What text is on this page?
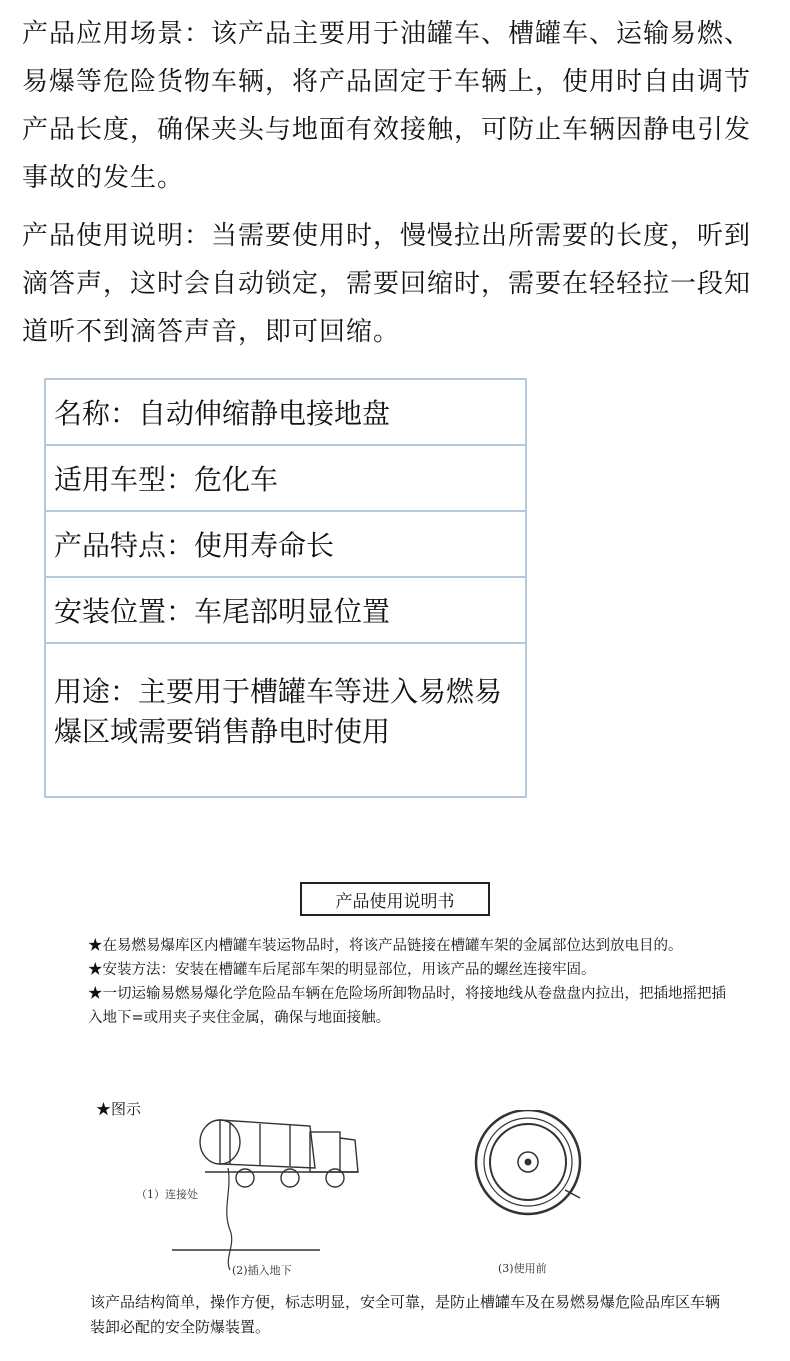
产品应用场景：该产品主要用于油罐车、槽罐车、运输易燃、易爆等危险货物车辆，将产品固定于车辆上，使用时自由调节产品长度，确保夹头与地面有效接触，可防止车辆因静电引发事故的发生。

产品使用说明：当需要使用时，慢慢拉出所需要的长度，听到滴答声，这时会自动锁定，需要回缩时，需要在轻轻拉一段知道听不到滴答声音，即可回缩。

名称：自动伸缩静电接地盘
适用车型：危化车
产品特点：使用寿命长
安装位置：车尾部明显位置
用途：主要用于槽罐车等进入易燃易爆区域需要销售静电时使用
产品使用说明书
★在易燃易爆库区内槽罐车装运物品时，将该产品链接在槽罐车架的金属部位达到放电目的。
★安装方法：安装在槽罐车后尾部车架的明显部位，用该产品的螺丝连接牢固。
★一切运输易燃易爆化学危险品车辆在危险场所卸物品时，将接地线从卷盘盘内拉出，把插地摇把插入地下=或用夹子夹住金属，确保与地面接触。
★图示
（1）连接处
(2)插入地下	(3)使用前
该产品结构简单，操作方便，标志明显，安全可靠，是防止槽罐车及在易燃易爆危险品库区车辆装卸必配的安全防爆装置。
